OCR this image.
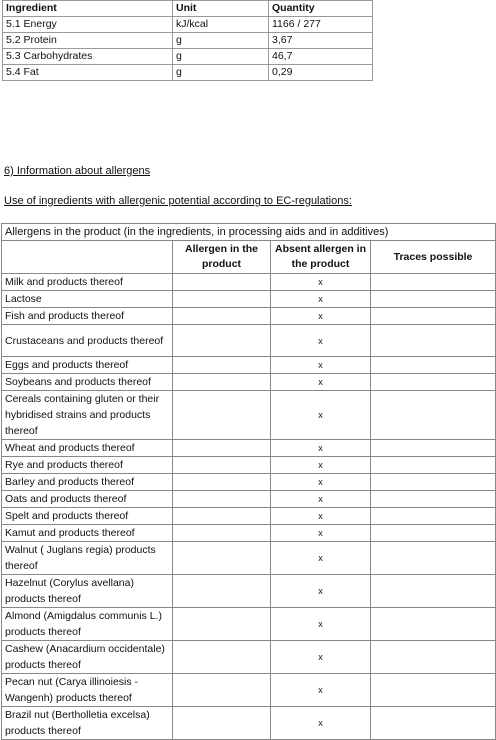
Ingredient	Unit	Quantity
5.1 Energy	kJ/kcal	1166 / 277
5.2 Protein	g	3,67
5.3 Carbohydrates	g	46,7
5.4 Fat	g	0,29
6) Information about allergens
Use of ingredients with allergenic potential according to EC-regulations:
Allergens in the product (in the ingredients, in processing aids and in additives)			
	Allergen in the product	Absent allergen in the product	Traces possible
Milk and products thereof		x	
Lactose		x	
Fish and products thereof		x	
Crustaceans and products thereof		x	
Eggs and products thereof		x	
Soybeans and products thereof		x	
Cereals containing gluten or their hybridised strains and products thereof		x	
Wheat and products thereof		x	
Rye and products thereof		x	
Barley and products thereof		x	
Oats and products thereof		x	
Spelt and products thereof		x	
Kamut and products thereof		x	
Walnut ( Juglans regia) products thereof		x	
Hazelnut (Corylus avellana) products thereof		x	
Almond (Amigdalus communis L.) products thereof		x	
Cashew (Anacardium occidentale) products thereof		x	
Pecan nut (Carya illinoiesis - Wangenh) products thereof		x	
Brazil nut (Bertholletia excelsa) products thereof		x	
